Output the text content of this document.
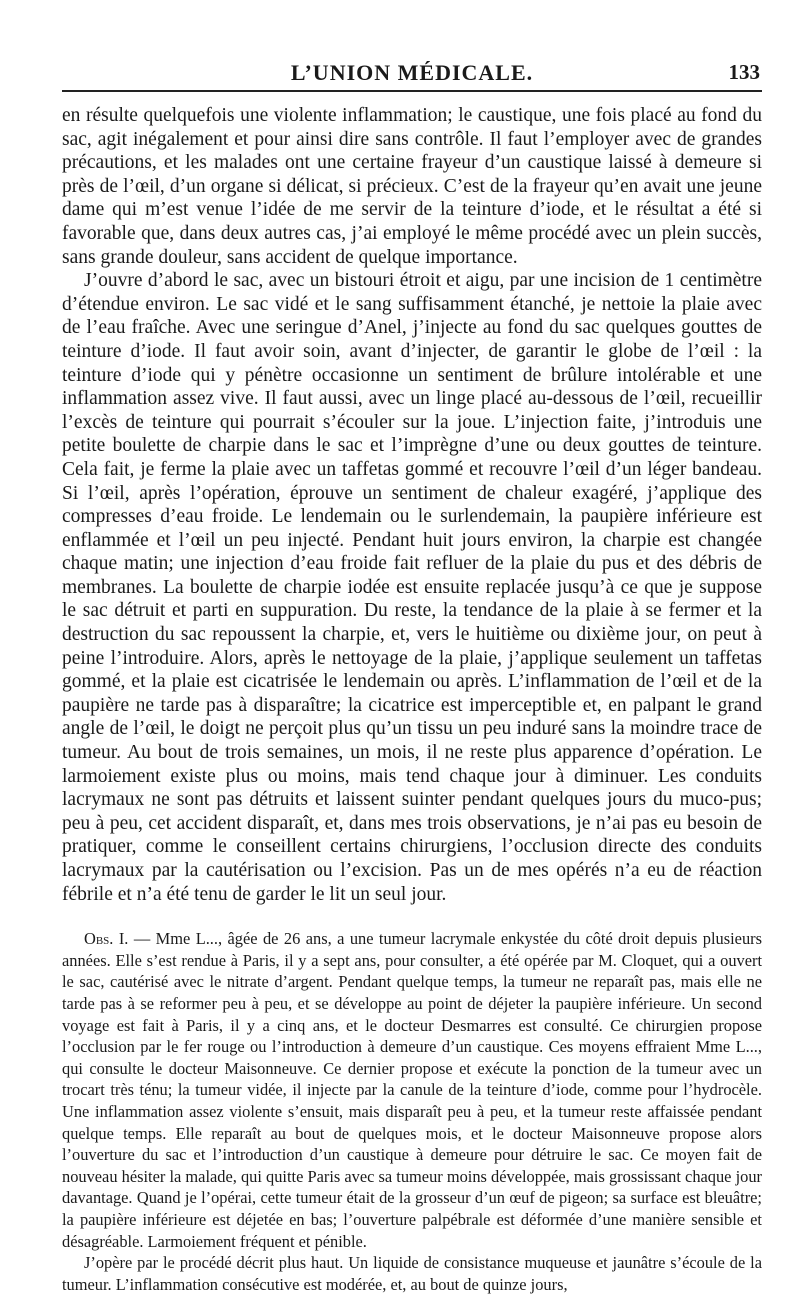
L’UNION MÉDICALE.	133

en résulte quelquefois une violente inflammation; le caustique, une fois placé au fond du sac, agit inégalement et pour ainsi dire sans contrôle. Il faut l’employer avec de grandes précautions, et les malades ont une certaine frayeur d’un caustique laissé à demeure si près de l’œil, d’un organe si délicat, si précieux. C’est de la frayeur qu’en avait une jeune dame qui m’est venue l’idée de me servir de la teinture d’iode, et le résultat a été si favorable que, dans deux autres cas, j’ai employé le même procédé avec un plein succès, sans grande douleur, sans accident de quelque importance.

J’ouvre d’abord le sac, avec un bistouri étroit et aigu, par une incision de 1 centimètre d’étendue environ. Le sac vidé et le sang suffisamment étanché, je nettoie la plaie avec de l’eau fraîche. Avec une seringue d’Anel, j’injecte au fond du sac quelques gouttes de teinture d’iode. Il faut avoir soin, avant d’injecter, de garantir le globe de l’œil : la teinture d’iode qui y pénètre occasionne un sentiment de brûlure intolérable et une inflammation assez vive. Il faut aussi, avec un linge placé au-dessous de l’œil, recueillir l’excès de teinture qui pourrait s’écouler sur la joue. L’injection faite, j’introduis une petite boulette de charpie dans le sac et l’imprègne d’une ou deux gouttes de teinture. Cela fait, je ferme la plaie avec un taffetas gommé et recouvre l’œil d’un léger bandeau. Si l’œil, après l’opération, éprouve un sentiment de chaleur exagéré, j’applique des compresses d’eau froide. Le lendemain ou le surlendemain, la paupière inférieure est enflammée et l’œil un peu injecté. Pendant huit jours environ, la charpie est changée chaque matin; une injection d’eau froide fait refluer de la plaie du pus et des débris de membranes. La boulette de charpie iodée est ensuite replacée jusqu’à ce que je suppose le sac détruit et parti en suppuration. Du reste, la tendance de la plaie à se fermer et la destruction du sac repoussent la charpie, et, vers le huitième ou dixième jour, on peut à peine l’introduire. Alors, après le nettoyage de la plaie, j’applique seulement un taffetas gommé, et la plaie est cicatrisée le lendemain ou après. L’inflammation de l’œil et de la paupière ne tarde pas à disparaître; la cicatrice est imperceptible et, en palpant le grand angle de l’œil, le doigt ne perçoit plus qu’un tissu un peu induré sans la moindre trace de tumeur. Au bout de trois semaines, un mois, il ne reste plus apparence d’opération. Le larmoiement existe plus ou moins, mais tend chaque jour à diminuer. Les conduits lacrymaux ne sont pas détruits et laissent suinter pendant quelques jours du muco-pus; peu à peu, cet accident disparaît, et, dans mes trois observations, je n’ai pas eu besoin de pratiquer, comme le conseillent certains chirurgiens, l’occlusion directe des conduits lacrymaux par la cautérisation ou l’excision. Pas un de mes opérés n’a eu de réaction fébrile et n’a été tenu de garder le lit un seul jour.

Obs. I. — Mme L..., âgée de 26 ans, a une tumeur lacrymale enkystée du côté droit depuis plusieurs années. Elle s’est rendue à Paris, il y a sept ans, pour consulter, a été opérée par M. Cloquet, qui a ouvert le sac, cautérisé avec le nitrate d’argent. Pendant quelque temps, la tumeur ne reparaît pas, mais elle ne tarde pas à se reformer peu à peu, et se développe au point de déjeter la paupière inférieure. Un second voyage est fait à Paris, il y a cinq ans, et le docteur Desmarres est consulté. Ce chirurgien propose l’occlusion par le fer rouge ou l’introduction à demeure d’un caustique. Ces moyens effraient Mme L..., qui consulte le docteur Maisonneuve. Ce dernier propose et exécute la ponction de la tumeur avec un trocart très ténu; la tumeur vidée, il injecte par la canule de la teinture d’iode, comme pour l’hydrocèle. Une inflammation assez violente s’ensuit, mais disparaît peu à peu, et la tumeur reste affaissée pendant quelque temps. Elle reparaît au bout de quelques mois, et le docteur Maisonneuve propose alors l’ouverture du sac et l’introduction d’un caustique à demeure pour détruire le sac. Ce moyen fait de nouveau hésiter la malade, qui quitte Paris avec sa tumeur moins développée, mais grossissant chaque jour davantage. Quand je l’opérai, cette tumeur était de la grosseur d’un œuf de pigeon; sa surface est bleuâtre; la paupière inférieure est déjetée en bas; l’ouverture palpébrale est déformée d’une manière sensible et désagréable. Larmoiement fréquent et pénible.

J’opère par le procédé décrit plus haut. Un liquide de consistance muqueuse et jaunâtre s’écoule de la tumeur. L’inflammation consécutive est modérée, et, au bout de quinze jours,
